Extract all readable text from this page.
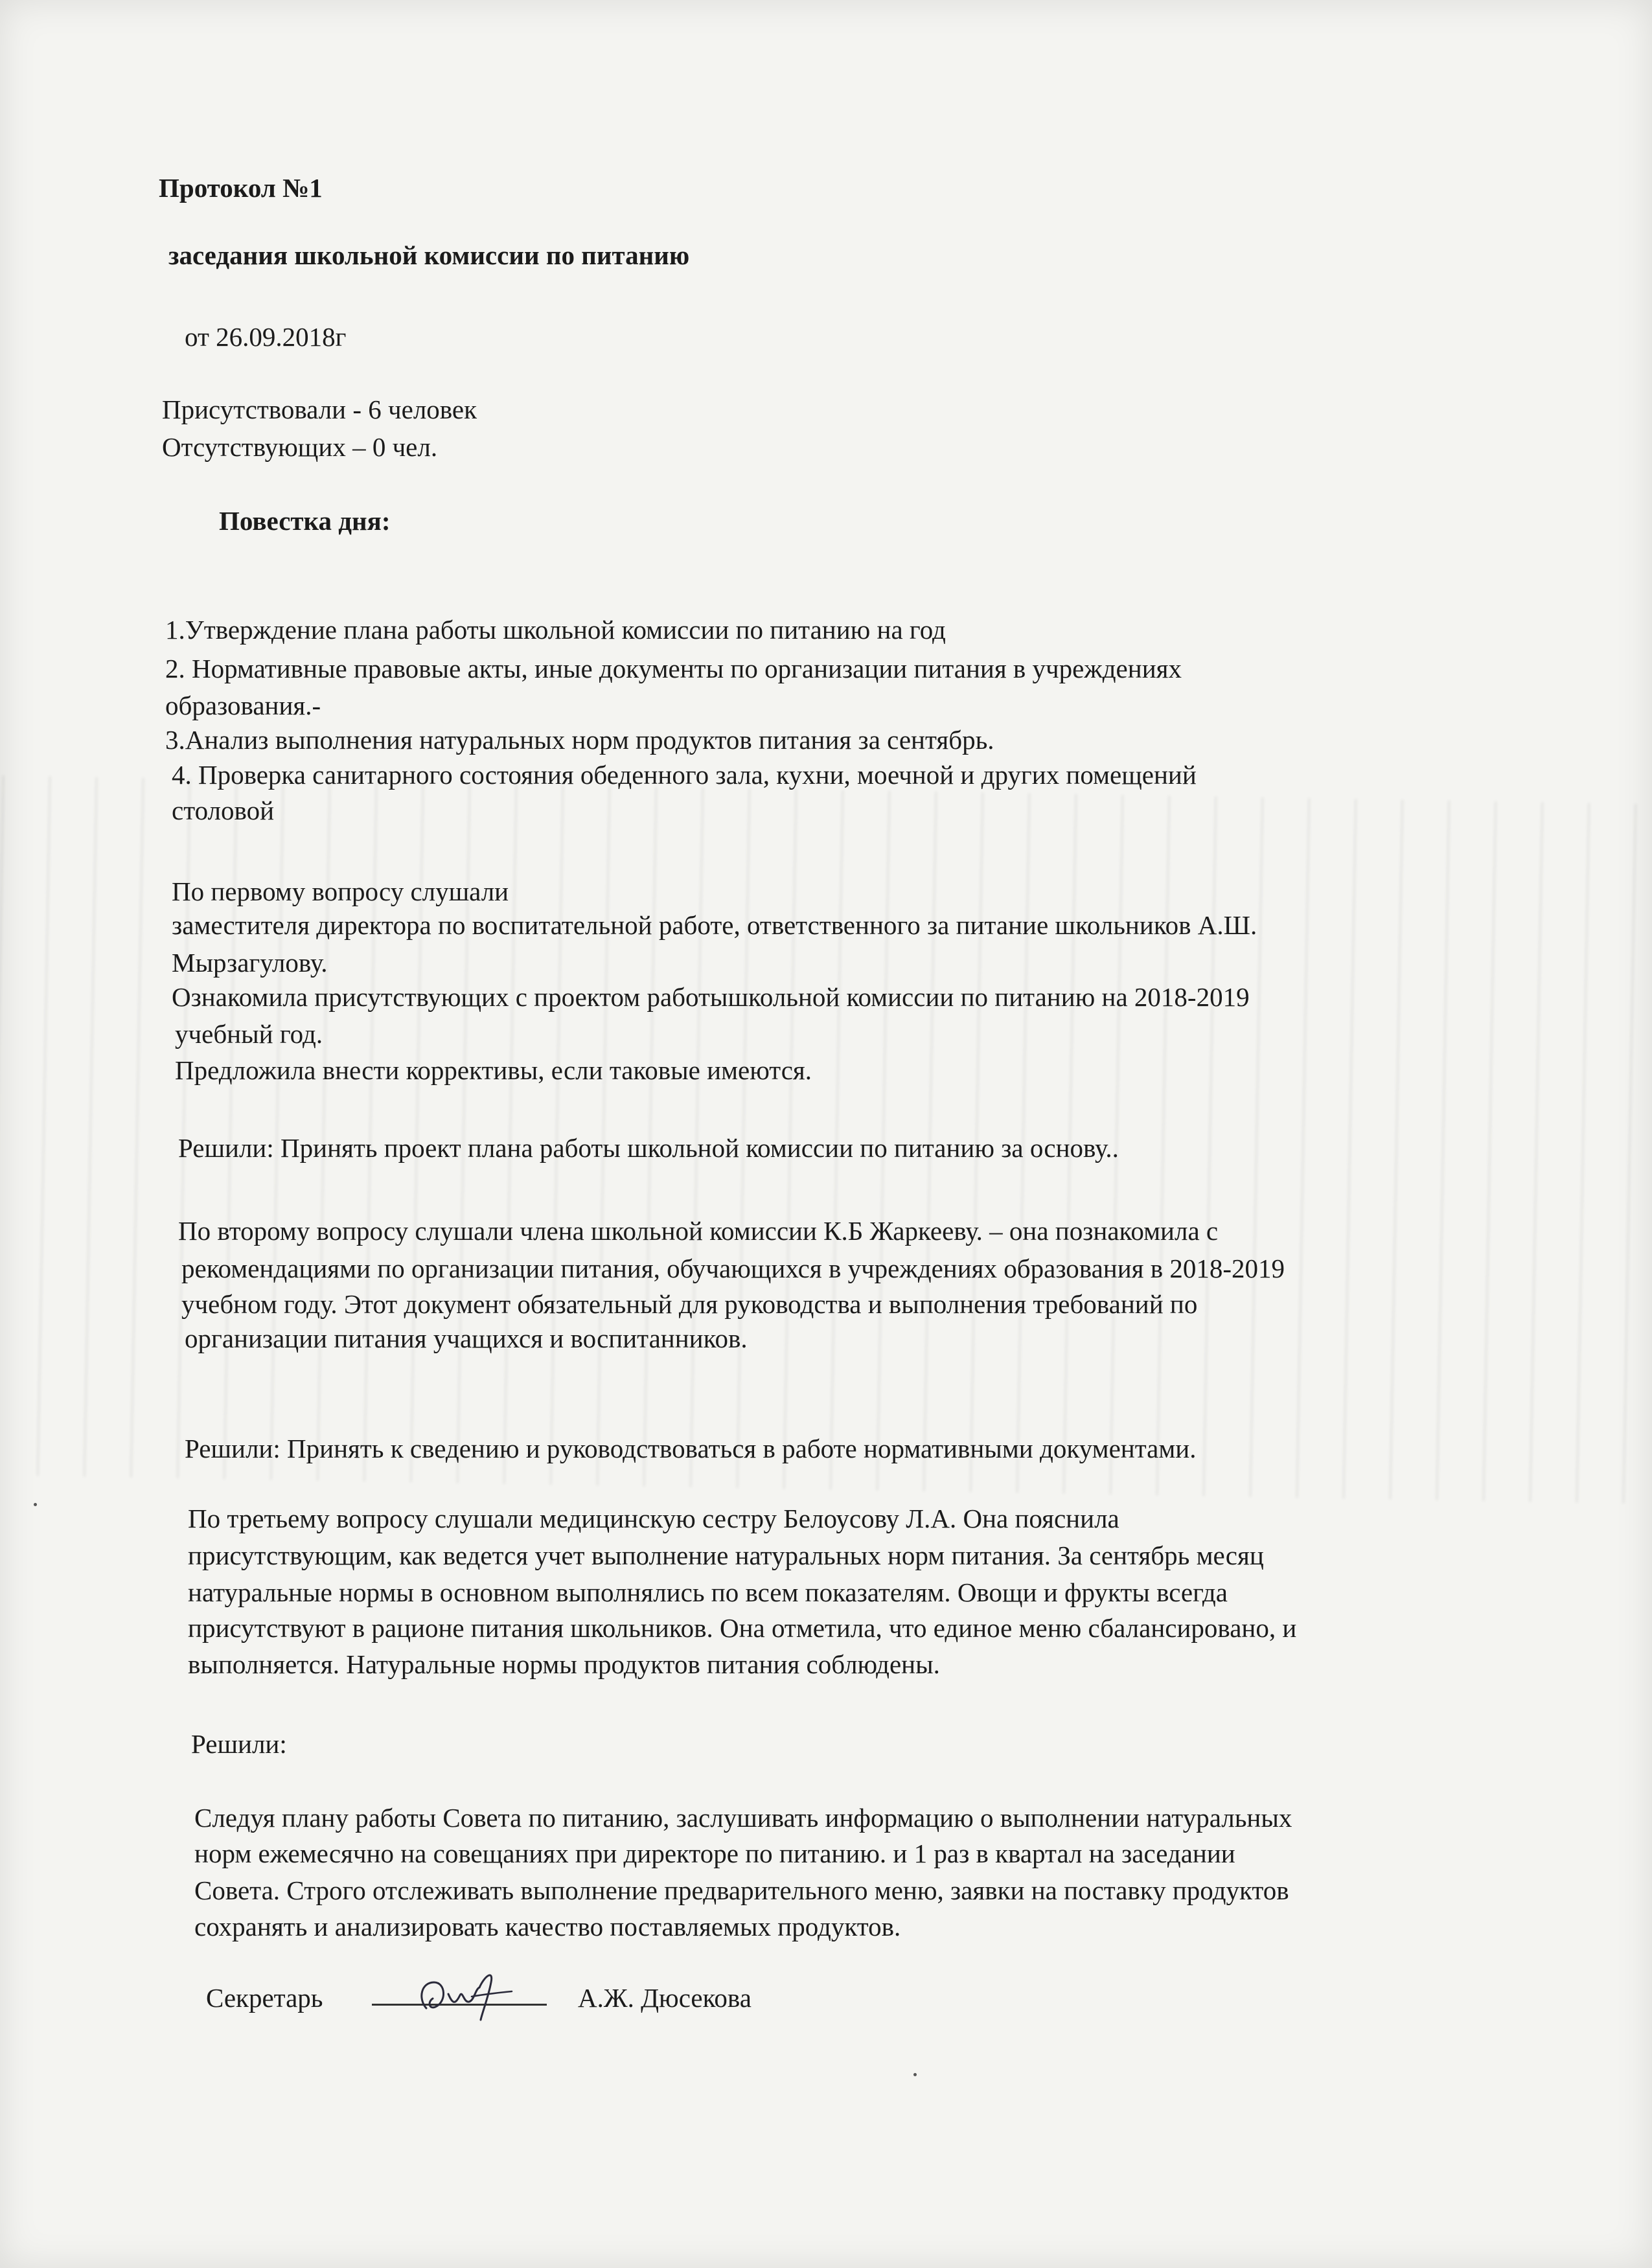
Протокол №1
заседания школьной комиссии по питанию
от 26.09.2018г
Присутствовали - 6 человек
Отсутствующих – 0 чел.
Повестка дня:
1.Утверждение плана работы школьной комиссии по питанию на год
2. Нормативные правовые акты, иные документы по организации питания в учреждениях
образования.-
3.Анализ выполнения натуральных норм продуктов питания за сентябрь.
4. Проверка санитарного состояния обеденного зала, кухни, моечной и других помещений
столовой
По первому вопросу слушали
заместителя директора по воспитательной работе, ответственного за питание школьников А.Ш.
Мырзагулову.
Ознакомила присутствующих с проектом работышкольной комиссии по питанию на 2018-2019
учебный год.
Предложила внести коррективы, если таковые имеются.
Решили: Принять проект плана работы школьной комиссии по питанию за основу..
По второму вопросу слушали члена школьной комиссии К.Б Жаркееву. – она познакомила с
рекомендациями по организации питания, обучающихся в учреждениях образования в 2018-2019
учебном году. Этот документ обязательный для руководства и выполнения требований по
организации питания учащихся и воспитанников.
Решили: Принять к сведению и руководствоваться в работе нормативными документами.
По третьему вопросу слушали медицинскую сестру Белоусову Л.А. Она пояснила
присутствующим, как ведется учет выполнение натуральных норм питания. За сентябрь месяц
натуральные нормы в основном выполнялись по всем показателям. Овощи и фрукты всегда
присутствуют в рационе питания школьников. Она отметила, что единое меню сбалансировано, и
выполняется. Натуральные нормы продуктов питания соблюдены.
Решили:
Следуя плану работы Совета по питанию, заслушивать информацию о выполнении натуральных
норм ежемесячно на совещаниях при директоре по питанию. и 1 раз в квартал на заседании
Совета. Строго отслеживать выполнение предварительного меню, заявки на поставку продуктов
сохранять и анализировать качество поставляемых продуктов.
Секретарь	А.Ж. Дюсекова
